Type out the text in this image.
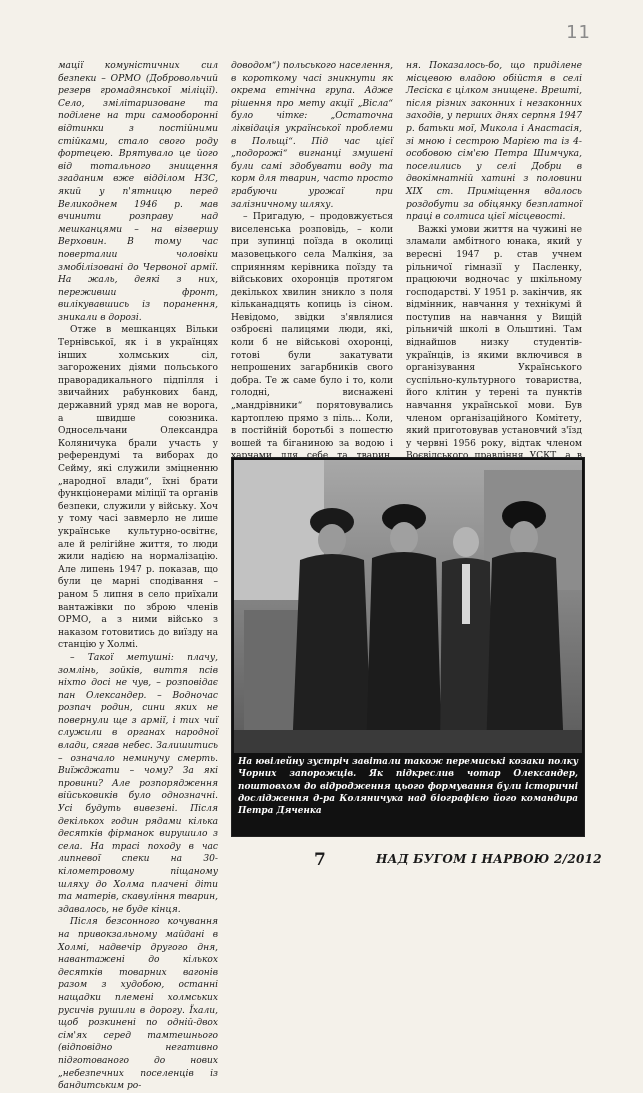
11

мації комуністичних сил безпеки – ОРМО (Добровольчий резерв громадянської міліції). Село, змілітаризоване та поділене на три самооборонні відтинки з постійними стійками, стало свого роду фортецею. Врятувало це його від тотального знищення згаданим вже відділом НЗС, який у п'ятницю перед Великоднем 1946 р. мав вчинити розправу над мешканцями – на візвершу Верховин. В тому час поверталии чоловіки змобілізовані до Червоної армії. На жаль, деякі з них, переживши фронт, вилікувавшись із поранення, зникали в дорозі.

Отже в мешканцях Вільки Тернівської, як і в українцях інших холмських сіл, загорожених діями польського праворадикального підпілля і звичайних рабункових банд, державний уряд мав не ворога, а швидше союзника. Односельчани Олександра Коляничука брали участь у референдумі та виборах до Сейму, які служили зміцненню „народної влади“, їхні брати функціонерами міліції та органів безпеки, служили у війську. Хоч у тому часі завмерло не лише українське культурно-освітнє, але й релігійне життя, то люди жили надією на нормалізацію. Але липень 1947 р. показав, що були це марні сподівання – раном 5 липня в село приїхали вантажівки по зброю членів ОРМО, а з ними військо з наказом готовитись до виїзду на станцію у Холмі.

– Такої метушні: плачу, зомлінь, зойків, виття псів ніхто досі не чув, – розповідає пан Олександер. – Водночас розпач родин, сини яких не повернули ще з армії, і тих чиї служили в органах народної влади, сягав небес. Залишитись – означало неминучу смерть. Виїжджати – чому? За які провини? Але розпорядження військовиків було однозначні. Усі будуть вивезені. Після декількох годин рядами кілька десятків фірманок вирушило з села. На трасі походу в час липневої спеки на 30-кілометровому піщаному шляху до Холма плачені діти та матерів, скавуління тварин, здавалось, не буде кінця.

Після безсонного кочування на привокзальному майдані в Холмі, надвечір другого дня, навантажені до кількох десятків товарних вагонів разом з худобою, останні нащадки племені холмських русичів рушили в дорогу. Їхали, щоб розкинені по одній-двох сім'ях серед тамтешнього (відповідно негативно підготованого до нових „небезпечних поселенців із бандитським ро-

доводом“) польського населення, в короткому часі зникнути як окрема етнічна група. Адже рішення про мету акції „Вісла“ було чітке: „Остаточна ліквідація української проблеми в Польщі“. Під час цієї „подорожі“ вигнанці змушені були самі здобувати воду та корм для тварин, часто просто грабуючи урожаї при залізничному шляху.

– Пригадую, – продовжується виселенська розповідь, – коли при зупинці поїзда в околиці мазовецького села Малкіня, за сприянням керівника поїзду та військових охоронців протягом декількох хвилин зникло з поля кільканадцять копиць із сіном. Невідомо, звідки з'являлися озброєні палицями люди, які, коли б не військові охоронці, готові були закатувати непрошених загарбників свого добра. Те ж саме було і то, коли голодні, виснажені „мандрівники“ порятовувались картоплею прямо з піль... Коли, в постійній боротьбі з пошестю вошей та біганиною за водою і

ня. Показалось-бо, що приділене місцевою владою обійстя в селі Лесіска є цілком знищене. Врешті, після різних законних і незаконних заходів, у перших днях серпня 1947 р. батьки мої, Микола і Анастасія, зі мною і сестрою Марією та із 4-особовою сім'єю Петра Шимчука, поселились у селі Добри в двокімнатній хатині з половини XIX ст. Приміщення вдалось роздобути за обіцянку безплатної праці в солтиса цієї місцевості.

Важкі умови життя на чужині не зламали амбітного юнака, який у вересні 1947 р. став учнем рільничої гімназії у Пасленку, працюючи водночас у шкільному господарстві. У 1951 р. закінчив, як відмінник, навчання у технікумі й поступив на навчання у Вищій рільничій школі в Ольштині. Там віднайшов низку студентів-українців, із якими включився в організування Українського суспільно-культурного товариства, його клітин у терені та пунктів навчання української мови. Був членом організаційного Комітету, який приготовував установчий з'їзд у червні 1956 року, відтак членом

На ювілейну зустріч завітали також перемиські козаки полку Чорних запорожців. Як підкреслив чотар Олександер, поштовхом до відродження цього формування були історичні дослідження д-ра Коляничука над біографією його командира Петра Дяченка
7	НАД БУГОМ І НАРВОЮ 2/2012
